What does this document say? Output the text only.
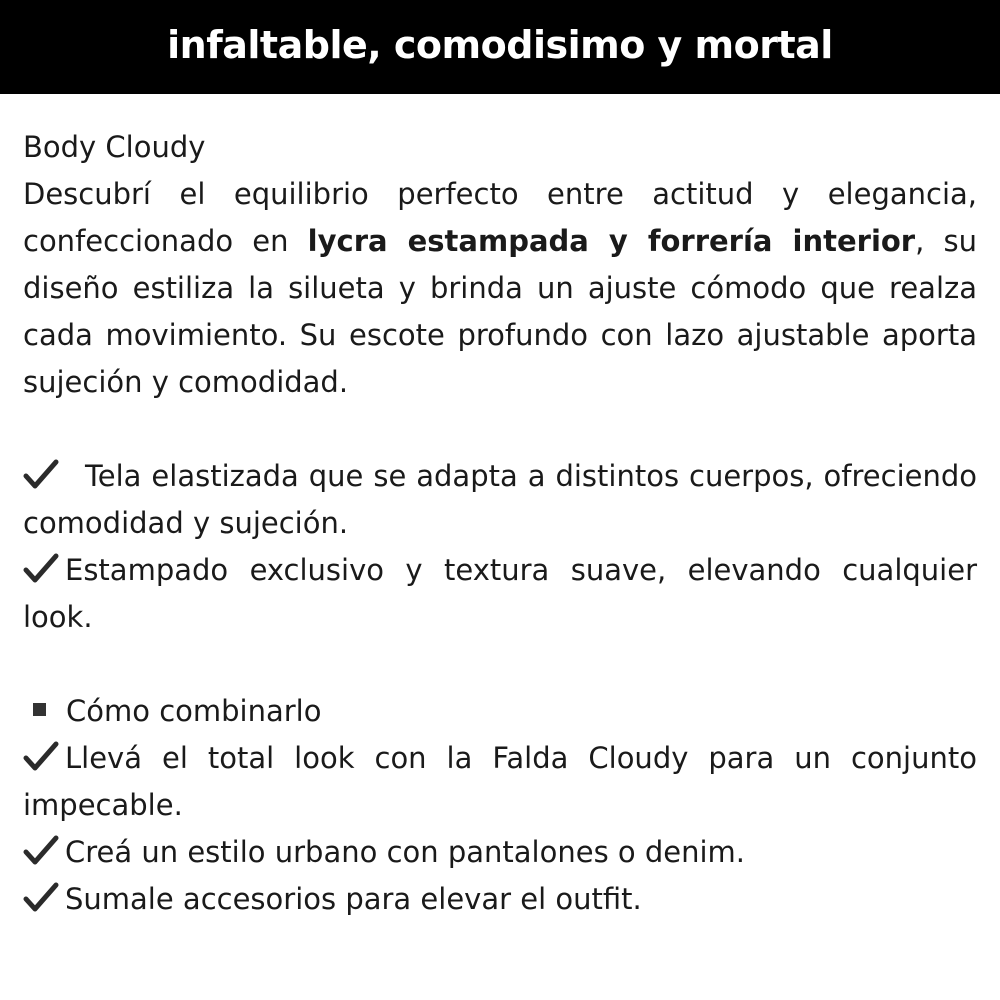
infaltable, comodisimo y mortal

Body Cloudy

Descubrí el equilibrio perfecto entre actitud y elegancia, confeccionado en lycra estampada y forrería interior, su diseño estiliza la silueta y brinda un ajuste cómodo que realza cada movimiento. Su escote profundo con lazo ajustable aporta sujeción y comodidad.

Tela elastizada que se adapta a distintos cuerpos, ofreciendo comodidad y sujeción.

Estampado exclusivo y textura suave, elevando cualquier look.

Cómo combinarlo

Llevá el total look con la Falda Cloudy para un conjunto impecable.

Creá un estilo urbano con pantalones o denim.

Sumale accesorios para elevar el outfit.
